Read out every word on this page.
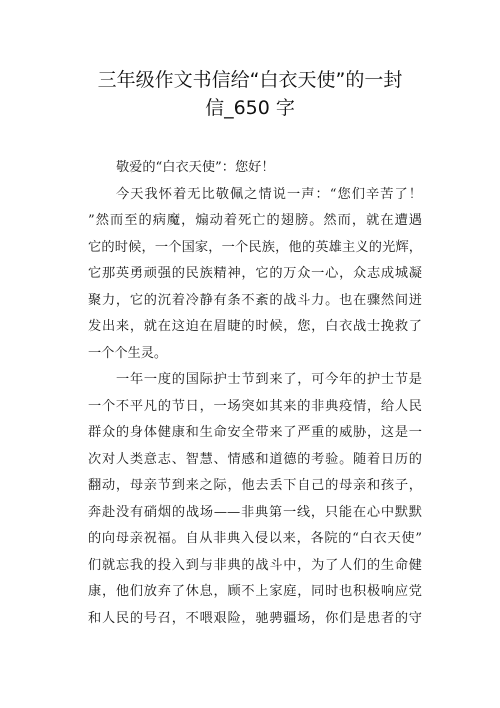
三年级作文书信给“白衣天使”的一封
信_650 字
敬爱的“白衣天使”：您好！
今天我怀着无比敬佩之情说一声：“您们辛苦了！
”然而至的病魔，煽动着死亡的翅膀。然而，就在遭遇
它的时候，一个国家，一个民族，他的英雄主义的光辉，
它那英勇顽强的民族精神，它的万众一心，众志成城凝
聚力，它的沉着冷静有条不紊的战斗力。也在骤然间迸
发出来，就在这迫在眉睫的时候，您，白衣战士挽救了
一个个生灵。
一年一度的国际护士节到来了，可今年的护士节是
一个不平凡的节日，一场突如其来的非典疫情，给人民
群众的身体健康和生命安全带来了严重的威胁，这是一
次对人类意志、智慧、情感和道德的考验。随着日历的
翻动，母亲节到来之际，他去丢下自己的母亲和孩子，
奔赴没有硝烟的战场——非典第一线，只能在心中默默
的向母亲祝福。自从非典入侵以来，各院的“白衣天使”
们就忘我的投入到与非典的战斗中，为了人们的生命健
康，他们放弃了休息，顾不上家庭，同时也积极响应党
和人民的号召，不喂艰险，驰骋疆场，你们是患者的守
